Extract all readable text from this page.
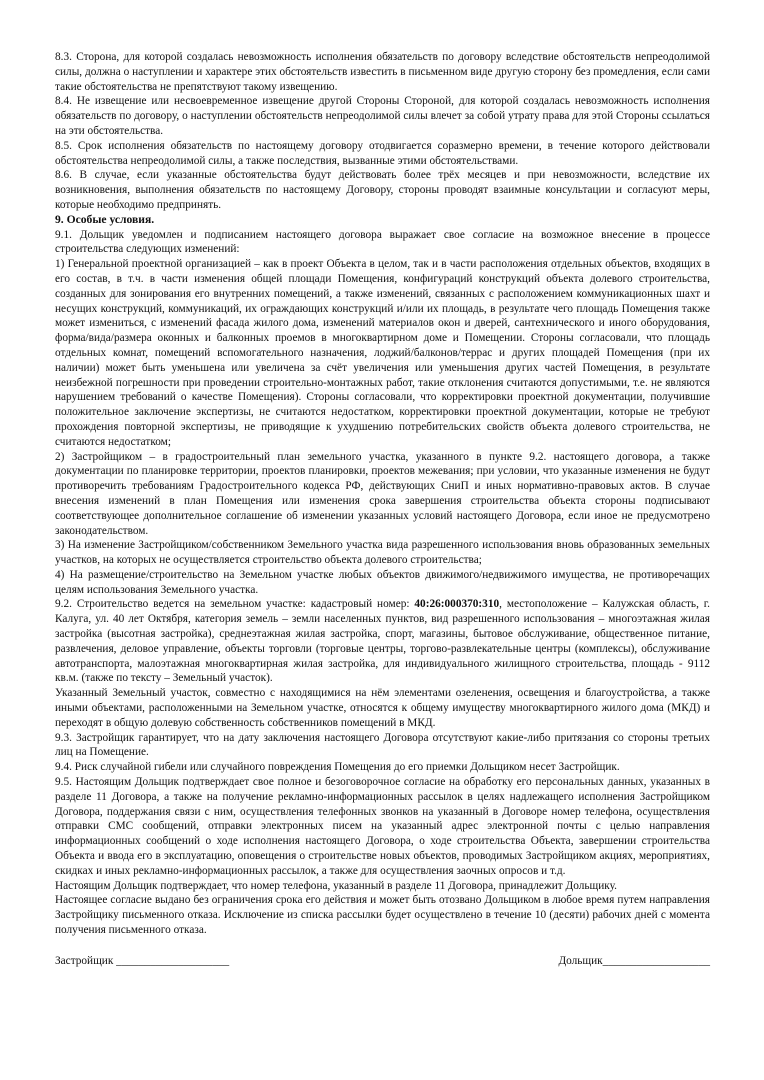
8.3. Сторона, для которой создалась невозможность исполнения обязательств по договору вследствие обстоятельств непреодолимой силы, должна о наступлении и характере этих обстоятельств известить в письменном виде другую сторону без промедления, если сами такие обстоятельства не препятствуют такому извещению.

8.4. Не извещение или несвоевременное извещение другой Стороны Стороной, для которой создалась невозможность исполнения обязательств по договору, о наступлении обстоятельств непреодолимой силы влечет за собой утрату права для этой Стороны ссылаться на эти обстоятельства.

8.5. Срок исполнения обязательств по настоящему договору отодвигается соразмерно времени, в течение которого действовали обстоятельства непреодолимой силы, а также последствия, вызванные этими обстоятельствами.

8.6. В случае, если указанные обстоятельства будут действовать более трёх месяцев и при невозможности, вследствие их возникновения, выполнения обязательств по настоящему Договору, стороны проводят взаимные консультации и согласуют меры, которые необходимо предпринять.

9. Особые условия.

9.1. Дольщик уведомлен и подписанием настоящего договора выражает свое согласие на возможное внесение в процессе строительства следующих изменений:

1) Генеральной проектной организацией – как в проект Объекта в целом, так и в части расположения отдельных объектов, входящих в его состав, в т.ч. в части изменения общей площади Помещения, конфигураций конструкций объекта долевого строительства, созданных для зонирования его внутренних помещений, а также изменений, связанных с расположением коммуникационных шахт и несущих конструкций, коммуникаций, их ограждающих конструкций и/или их площадь, в результате чего площадь Помещения также может измениться, с изменений фасада жилого дома, изменений материалов окон и дверей, сантехнического и иного оборудования, форма/вида/размера оконных и балконных проемов в многоквартирном доме и Помещении. Стороны согласовали, что площадь отдельных комнат, помещений вспомогательного назначения, лоджий/балконов/террас и других площадей Помещения (при их наличии) может быть уменьшена или увеличена за счёт увеличения или уменьшения других частей Помещения, в результате неизбежной погрешности при проведении строительно-монтажных работ, такие отклонения считаются допустимыми, т.е. не являются нарушением требований о качестве Помещения). Стороны согласовали, что корректировки проектной документации, получившие положительное заключение экспертизы, не считаются недостатком, корректировки проектной документации, которые не требуют прохождения повторной экспертизы, не приводящие к ухудшению потребительских свойств объекта долевого строительства, не считаются недостатком;

2) Застройщиком – в градостроительный план земельного участка, указанного в пункте 9.2. настоящего договора, а также документации по планировке территории, проектов планировки, проектов межевания; при условии, что указанные изменения не будут противоречить требованиям Градостроительного кодекса РФ, действующих СниП и иных нормативно-правовых актов. В случае внесения изменений в план Помещения или изменения срока завершения строительства объекта стороны подписывают соответствующее дополнительное соглашение об изменении указанных условий настоящего Договора, если иное не предусмотрено законодательством.

3) На изменение Застройщиком/собственником Земельного участка вида разрешенного использования вновь образованных земельных участков, на которых не осуществляется строительство объекта долевого строительства;

4) На размещение/строительство на Земельном участке любых объектов движимого/недвижимого имущества, не противоречащих целям использования Земельного участка.

9.2. Строительство ведется на земельном участке: кадастровый номер: 40:26:000370:310, местоположение – Калужская область, г. Калуга, ул. 40 лет Октября, категория земель – земли населенных пунктов, вид разрешенного использования – многоэтажная жилая застройка (высотная застройка), среднеэтажная жилая застройка, спорт, магазины, бытовое обслуживание, общественное питание, развлечения, деловое управление, объекты торговли (торговые центры, торгово-развлекательные центры (комплексы), обслуживание автотранспорта, малоэтажная многоквартирная жилая застройка, для индивидуального жилищного строительства, площадь - 9112 кв.м. (также по тексту – Земельный участок).

Указанный Земельный участок, совместно с находящимися на нём элементами озеленения, освещения и благоустройства, а также иными объектами, расположенными на Земельном участке, относятся к общему имуществу многоквартирного жилого дома (МКД) и переходят в общую долевую собственность собственников помещений в МКД.

9.3. Застройщик гарантирует, что на дату заключения настоящего Договора отсутствуют какие-либо притязания со стороны третьих лиц на Помещение.

9.4. Риск случайной гибели или случайного повреждения Помещения до его приемки Дольщиком несет Застройщик.

9.5. Настоящим Дольщик подтверждает свое полное и безоговорочное согласие на обработку его персональных данных, указанных в разделе 11 Договора, а также на получение рекламно-информационных рассылок в целях надлежащего исполнения Застройщиком Договора, поддержания связи с ним, осуществления телефонных звонков на указанный в Договоре номер телефона, осуществления отправки СМС сообщений, отправки электронных писем на указанный адрес электронной почты с целью направления информационных сообщений о ходе исполнения настоящего Договора, о ходе строительства Объекта, завершении строительства Объекта и ввода его в эксплуатацию, оповещения о строительстве новых объектов, проводимых Застройщиком акциях, мероприятиях, скидках и иных рекламно-информационных рассылок, а также для осуществления заочных опросов и т.д.

Настоящим Дольщик подтверждает, что номер телефона, указанный в разделе 11 Договора, принадлежит Дольщику.

Настоящее согласие выдано без ограничения срока его действия и может быть отозвано Дольщиком в любое время путем направления Застройщику письменного отказа. Исключение из списка рассылки будет осуществлено в течение 10 (десяти) рабочих дней с момента получения письменного отказа.

Застройщик ____________________	Дольщик___________________
